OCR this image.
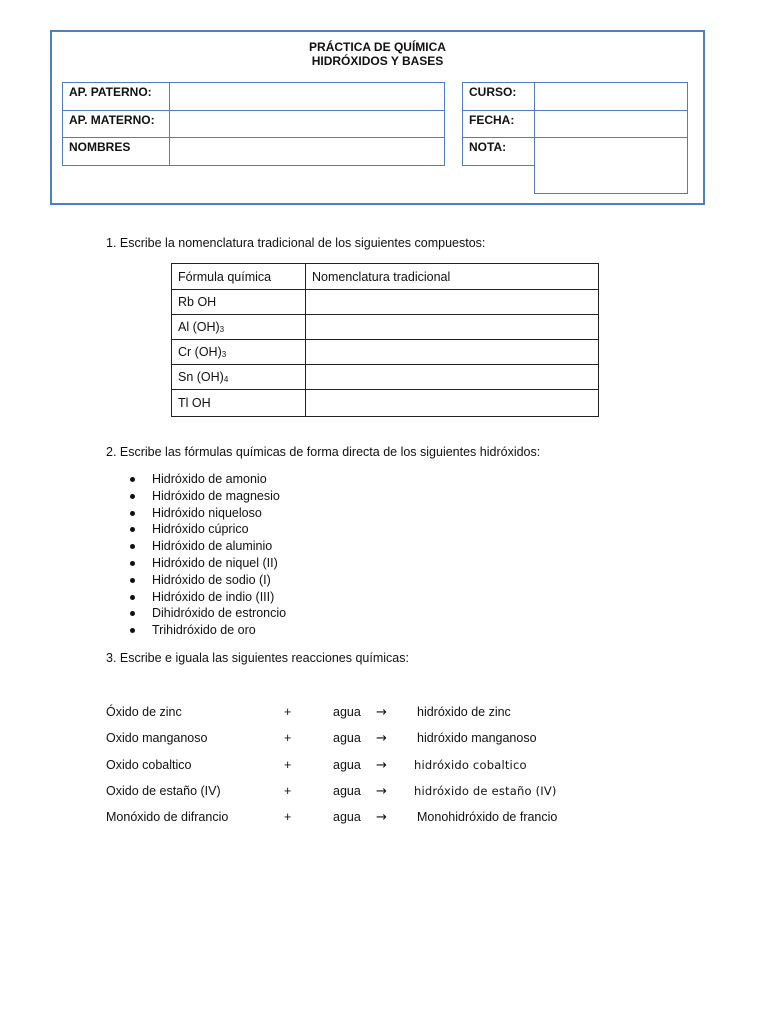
PRÁCTICA DE QUÍMICA
HIDRÓXIDOS Y BASES
AP. PATERNO:	
AP. MATERNO:	
NOMBRES	
CURSO:	
FECHA:	
NOTA:	

1. Escribe la nomenclatura tradicional de los siguientes compuestos:
Fórmula química	Nomenclatura tradicional
Rb OH	
Al $(OH)_3$	
Cr $(OH)_3$	
Sn $(OH)_4$	
Tl OH	
2. Escribe las fórmulas químicas de forma directa de los siguientes hidróxidos:
Hidróxido de amonio
Hidróxido de magnesio
Hidróxido niqueloso
Hidróxido cúprico
Hidróxido de aluminio
Hidróxido de niquel (II)
Hidróxido de sodio (I)
Hidróxido de indio (III)
Dihidróxido de estroncio
Trihidróxido de oro
3. Escribe e iguala las siguientes reacciones químicas:
Óxido de zinc	+	agua → hidróxido de zinc
Oxido manganoso	+	agua → hidróxido manganoso
Oxido cobaltico	+	agua → hidróxido cobaltico
Oxido de estaño (IV)	+	agua → hidróxido de estaño (IV)
Monóxido de difrancio	+	agua → Monohidróxido de francio
